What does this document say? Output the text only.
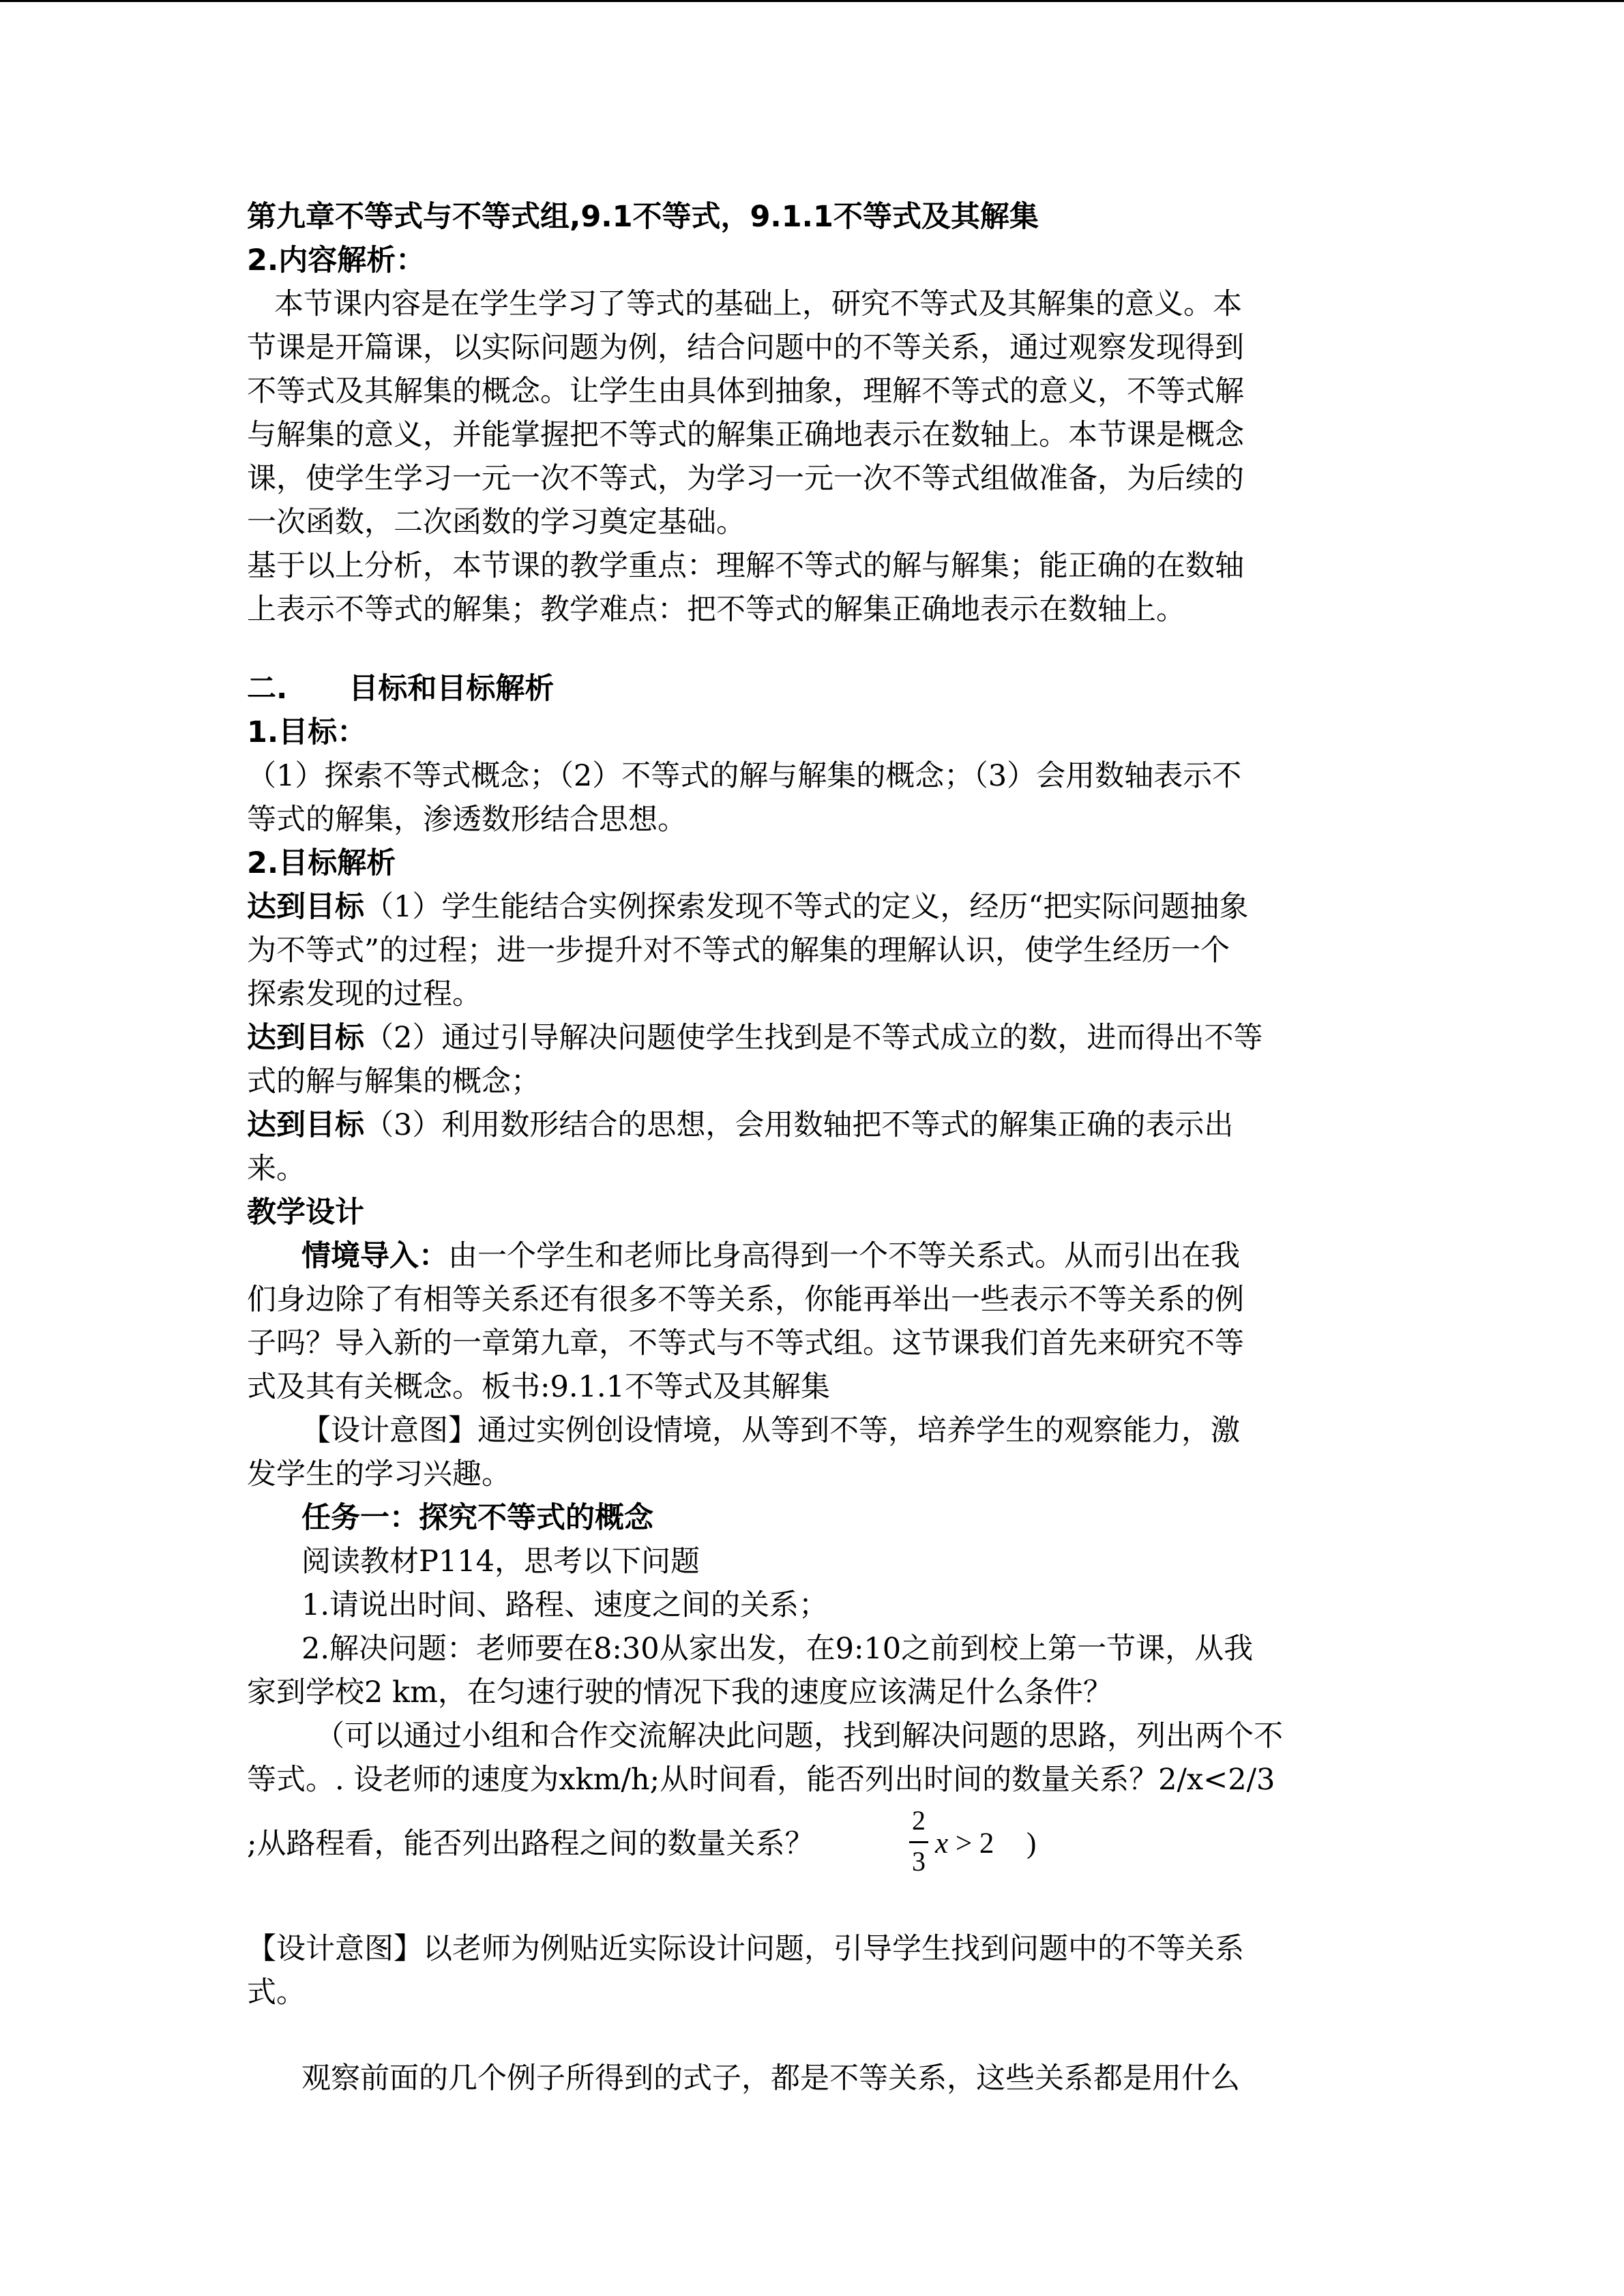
第九章不等式与不等式组,9.1不等式，9.1.1不等式及其解集
2.内容解析：
本节课内容是在学生学习了等式的基础上，研究不等式及其解集的意义。本
节课是开篇课，以实际问题为例，结合问题中的不等关系，通过观察发现得到
不等式及其解集的概念。让学生由具体到抽象，理解不等式的意义，不等式解
与解集的意义，并能掌握把不等式的解集正确地表示在数轴上。本节课是概念
课，使学生学习一元一次不等式，为学习一元一次不等式组做准备，为后续的
一次函数，二次函数的学习奠定基础。
基于以上分析，本节课的教学重点：理解不等式的解与解集；能正确的在数轴
上表示不等式的解集；教学难点：把不等式的解集正确地表示在数轴上。
二. 目标和目标解析
1.目标：
（1）探索不等式概念；（2）不等式的解与解集的概念；（3）会用数轴表示不
等式的解集，渗透数形结合思想。
2.目标解析
达到目标（1）学生能结合实例探索发现不等式的定义，经历“把实际问题抽象
为不等式”的过程；进一步提升对不等式的解集的理解认识，使学生经历一个
探索发现的过程。
达到目标（2）通过引导解决问题使学生找到是不等式成立的数，进而得出不等
式的解与解集的概念；
达到目标（3）利用数形结合的思想，会用数轴把不等式的解集正确的表示出
来。
教学设计
情境导入：由一个学生和老师比身高得到一个不等关系式。从而引出在我
们身边除了有相等关系还有很多不等关系，你能再举出一些表示不等关系的例
子吗？导入新的一章第九章，不等式与不等式组。这节课我们首先来研究不等
式及其有关概念。板书:9.1.1不等式及其解集
【设计意图】通过实例创设情境，从等到不等，培养学生的观察能力，激
发学生的学习兴趣。
任务一：探究不等式的概念
阅读教材P114，思考以下问题
1.请说出时间、路程、速度之间的关系；
2.解决问题：老师要在8:30从家出发，在9:10之前到校上第一节课，从我
家到学校2 km，在匀速行驶的情况下我的速度应该满足什么条件？
（可以通过小组和合作交流解决此问题，找到解决问题的思路，列出两个不
等式。. 设老师的速度为xkm/h;从时间看，能否列出时间的数量关系？2/x<2/3
;从路程看，能否列出路程之间的数量关系？
2
3
x > 2 )
【设计意图】以老师为例贴近实际设计问题，引导学生找到问题中的不等关系
式。
观察前面的几个例子所得到的式子，都是不等关系，这些关系都是用什么
